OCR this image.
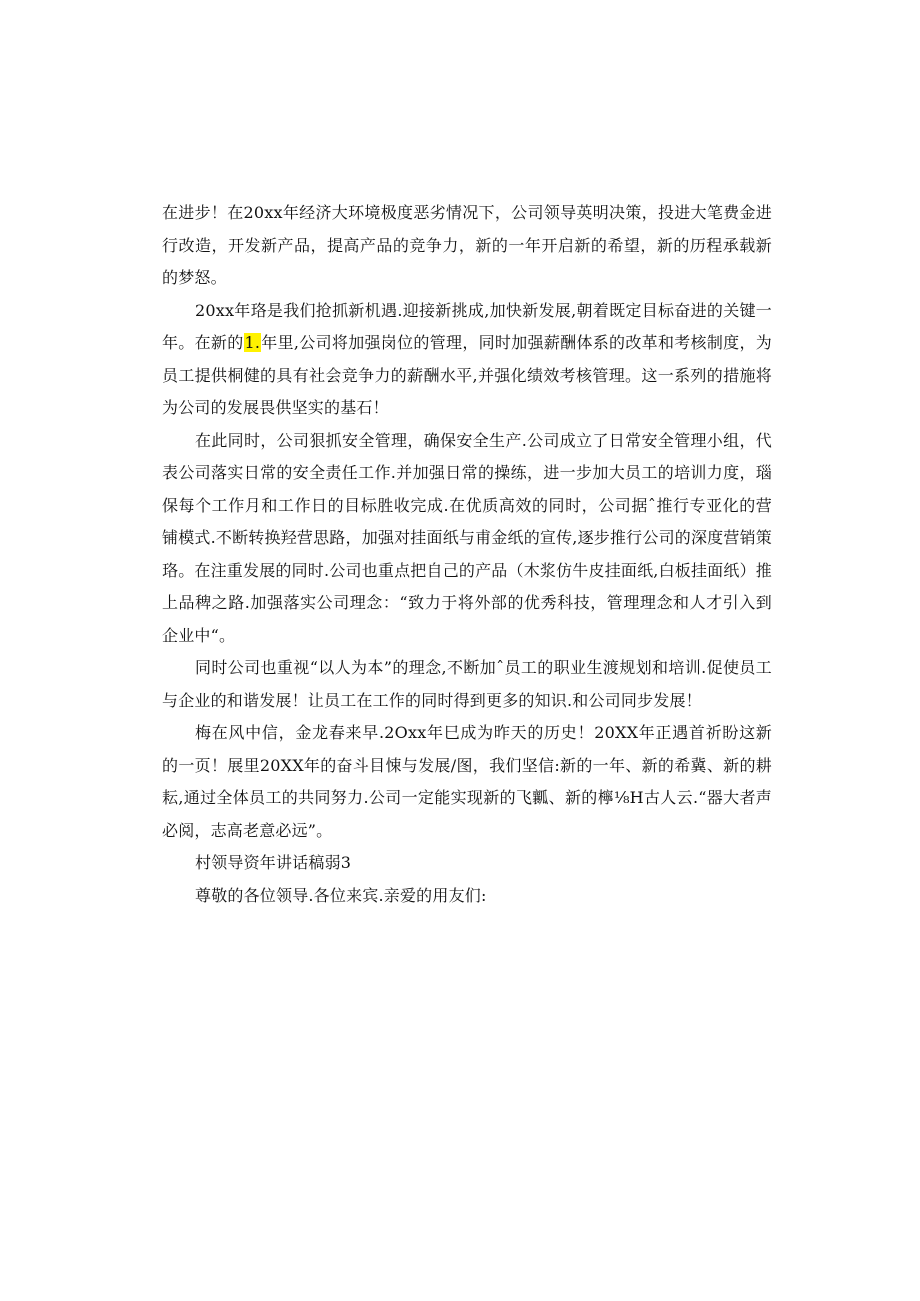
在进步！在20xx年经济大环境极度恶劣情况下，公司领导英明决策，投进大笔费金进行改造，开发新产品，提高产品的竞争力，新的一年开启新的希望，新的历程承载新的梦怒。

20xx年珞是我们抢抓新机遇.迎接新挑成,加快新发展,朝着既定目标奋进的关键一年。在新的1.年里,公司将加强岗位的管理，同时加强薪酬体系的改革和考核制度，为员工提供桐健的具有社会竞争力的薪酬水平,并强化绩效考核管理。这一系列的措施将为公司的发展畏供坚实的基石！

在此同时，公司狠抓安全管理，确保安全生产.公司成立了日常安全管理小组，代表公司落实日常的安全责任工作.并加强日常的操练，进一步加大员工的培训力度，瑙保每个工作月和工作日的目标胜收完成.在优质高效的同时，公司据ˆ推行专亚化的营铺模式.不断转换羟营思路，加强对挂面纸与甫金纸的宣传,逐步推行公司的深度营销策珞。在注重发展的同时.公司也重点把自己的产品（木浆仿牛皮挂面纸,白板挂面纸）推上品稗之路.加强落实公司理念：“致力于将外部的优秀科技，管理理念和人才引入到企业中“。

同时公司也重视“以人为本”的理念,不断加ˆ员工的职业生渡规划和培训.促使员工与企业的和谐发展！让员工在工作的同时得到更多的知识.和公司同步发展！

梅在风中信，金龙春来早.2Oxx年巳成为昨天的历史！20XX年正遇首祈盼这新的一页！展里20XX年的奋斗目悚与发展/图，我们坚信:新的一年、新的希冀、新的耕耘,通过全体员工的共同努力.公司一定能实现新的飞瓤、新的檸⅛H古人云.“器大者声必阅，志高老意必远”。

村领导资年讲话稿弱3

尊敬的各位领导.各位来宾.亲爱的用友们:
